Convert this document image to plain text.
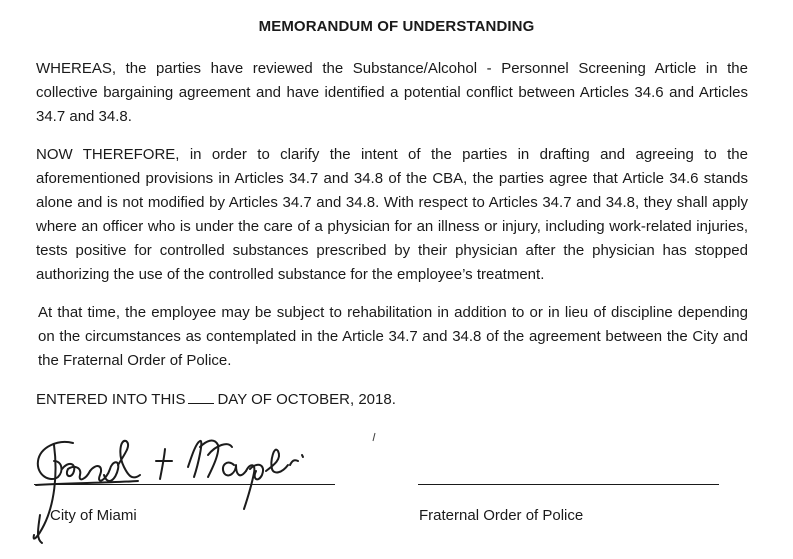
MEMORANDUM OF UNDERSTANDING

WHEREAS, the parties have reviewed the Substance/Alcohol - Personnel Screening Article in the collective bargaining agreement and have identified a potential conflict between Articles 34.6 and Articles 34.7 and 34.8.

NOW THEREFORE, in order to clarify the intent of the parties in drafting and agreeing to the aforementioned provisions in Articles 34.7 and 34.8 of the CBA, the parties agree that Article 34.6 stands alone and is not modified by Articles 34.7 and 34.8. With respect to Articles 34.7 and 34.8, they shall apply where an officer who is under the care of a physician for an illness or injury, including work-related injuries, tests positive for controlled substances prescribed by their physician after the physician has stopped authorizing the use of the controlled substance for the employee’s treatment.

At that time, the employee may be subject to rehabilitation in addition to or in lieu of discipline depending on the circumstances as contemplated in the Article 34.7 and 34.8 of the agreement between the City and the Fraternal Order of Police.

ENTERED INTO THIS DAY OF OCTOBER, 2018.
City of Miami	Fraternal Order of Police
